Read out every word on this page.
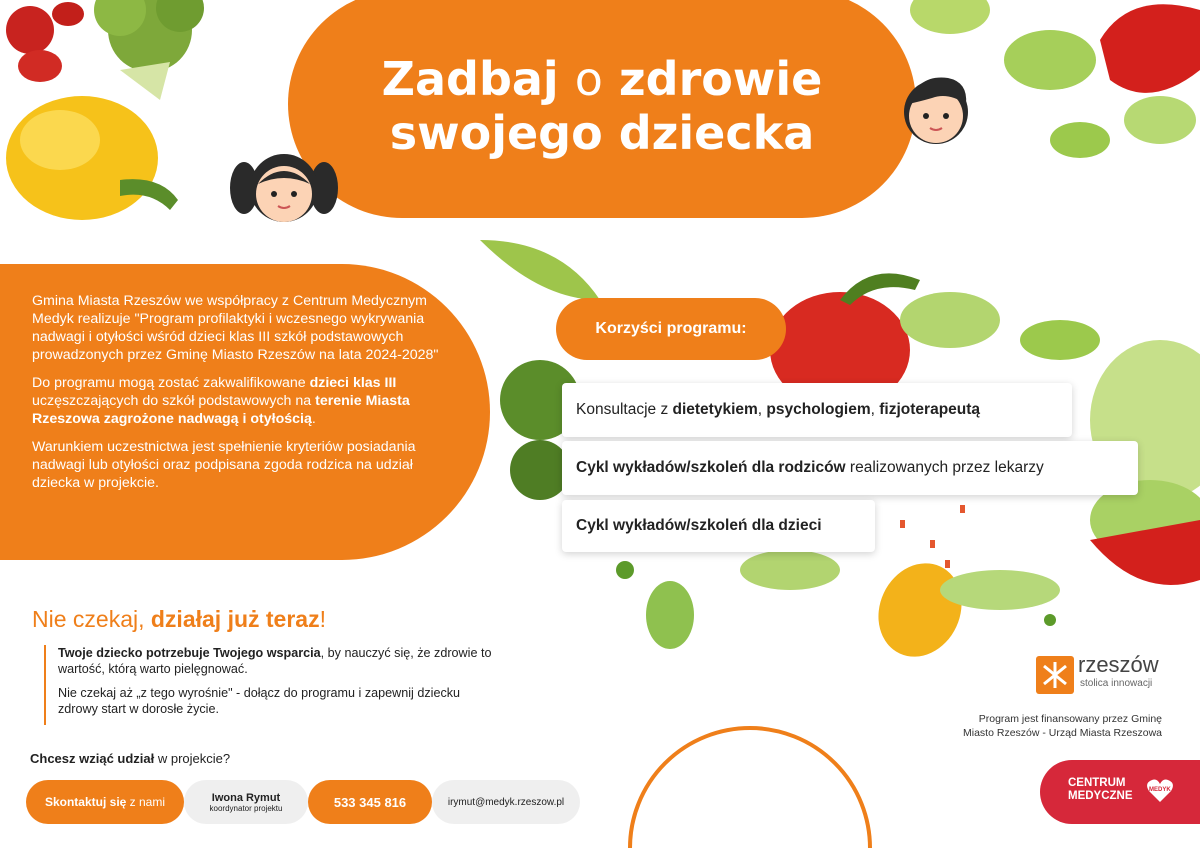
Zadbaj o zdrowie
swojego dziecka

Gmina Miasta Rzeszów we współpracy z Centrum Medycznym Medyk realizuje "Program profilaktyki i wczesnego wykrywania nadwagi i otyłości wśród dzieci klas III szkół podstawowych prowadzonych przez Gminę Miasto Rzeszów na lata 2024-2028"

Do programu mogą zostać zakwalifikowane dzieci klas III uczęszczających do szkół podstawowych na terenie Miasta Rzeszowa zagrożone nadwagą i otyłością.

Warunkiem uczestnictwa jest spełnienie kryteriów posiadania nadwagi lub otyłości oraz podpisana zgoda rodzica na udział dziecka w projekcie.

Korzyści programu:
Konsultacje z dietetykiem, psychologiem, fizjoterapeutą
Cykl wykładów/szkoleń dla rodziców realizowanych przez lekarzy
Cykl wykładów/szkoleń dla dzieci
Nie czekaj, działaj już teraz!

Twoje dziecko potrzebuje Twojego wsparcia, by nauczyć się, że zdrowie to wartość, którą warto pielęgnować.

Nie czekaj aż „z tego wyrośnie" - dołącz do programu i zapewnij dziecku zdrowy start w dorosłe życie.

Chcesz wziąć udział w projekcie?
Skontaktuj się z nami	Iwona Rymut
koordynator projektu	533 345 816	irymut@medyk.rzeszow.pl
rzeszów
stolica innowacji
Program jest finansowany przez Gminę
Miasto Rzeszów - Urząd Miasta Rzeszowa
CENTRUM
MEDYCZNE	MEDYK
